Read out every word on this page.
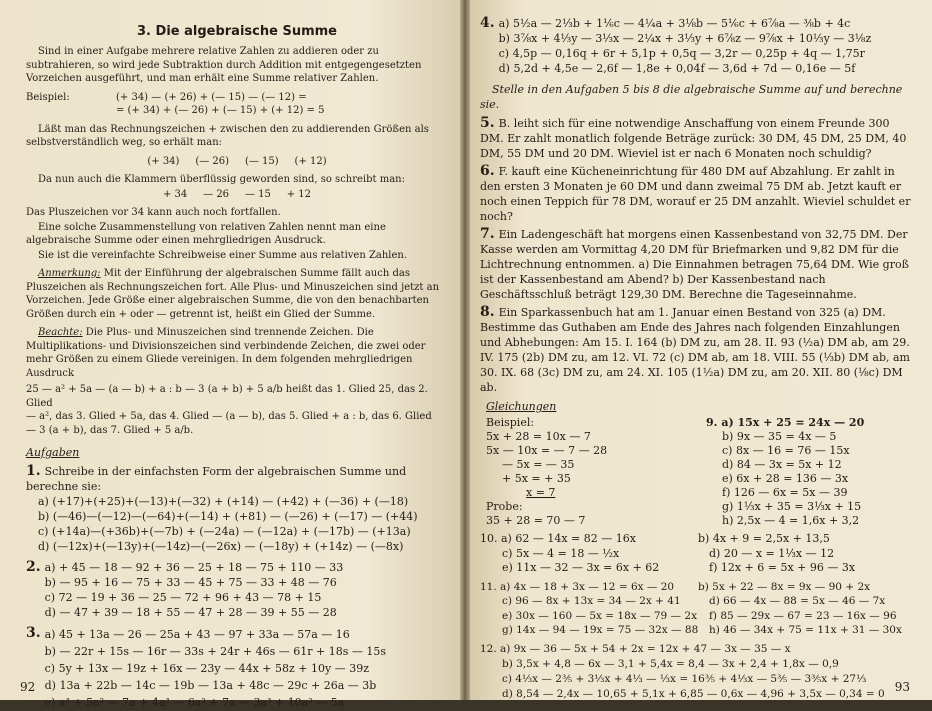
3. Die algebraische Summe

Sind in einer Aufgabe mehrere relative Zahlen zu addieren oder zu subtrahieren, so wird jede Subtraktion durch Addition mit entgegengesetzten Vorzeichen ausgeführt, und man erhält eine Summe relativer Zahlen.

Beispiel:	(+ 34) — (+ 26) + (— 15) — (— 12) =
= (+ 34) + (— 26) + (— 15) + (+ 12) = 5

Läßt man das Rechnungszeichen + zwischen den zu addierenden Größen als selbstverständlich weg, so erhält man:

(+ 34)     (— 26)     (— 15)     (+ 12)

Da nun auch die Klammern überflüssig geworden sind, so schreibt man:

+ 34     — 26     — 15     + 12

Das Pluszeichen vor 34 kann auch noch fortfallen.

Eine solche Zusammenstellung von relativen Zahlen nennt man eine algebraische Summe oder einen mehrgliedrigen Ausdruck.

Sie ist die vereinfachte Schreibweise einer Summe aus relativen Zahlen.

Anmerkung: Mit der Einführung der algebraischen Summe fällt auch das Pluszeichen als Rechnungszeichen fort. Alle Plus- und Minuszeichen sind jetzt an Vorzeichen. Jede Größe einer algebraischen Summe, die von den benachbarten Größen durch ein + oder — getrennt ist, heißt ein Glied der Summe.

Beachte: Die Plus- und Minuszeichen sind trennende Zeichen. Die Multiplikations- und Divisionszeichen sind verbindende Zeichen, die zwei oder mehr Größen zu einem Gliede vereinigen. In dem folgenden mehrgliedrigen Ausdruck

25 — a² + 5a — (a — b) + a : b — 3 (a + b) + 5 a/b heißt das 1. Glied 25, das 2. Glied
— a², das 3. Glied + 5a, das 4. Glied — (a — b), das 5. Glied + a : b, das 6. Glied
— 3 (a + b), das 7. Glied + 5 a/b.
Aufgaben
1. Schreibe in der einfachsten Form der algebraischen Summe und berechne sie:
a) (+17)+(+25)+(—13)+(—32) + (+14) — (+42) + (—36) + (—18)
b) (—46)—(—12)—(—64)+(—14) + (+81) — (—26) + (—17) — (+44)
c) (+14a)—(+36b)+(—7b) + (—24a) — (—12a) + (—17b) — (+13a)
d) (—12x)+(—13y)+(—14z)—(—26x) — (—18y) + (+14z) — (—8x)
2. a) + 45 — 18 — 92 + 36 — 25 + 18 — 75 + 110 — 33
b) — 95 + 16 — 75 + 33 — 45 + 75 — 33 + 48 — 76
c) 72 — 19 + 36 — 25 — 72 + 96 + 43 — 78 + 15
d) — 47 + 39 — 18 + 55 — 47 + 28 — 39 + 55 — 28
3. a) 45 + 13a — 26 — 25a + 43 — 97 + 33a — 57a — 16
b) — 22r + 15s — 16r — 33s + 24r + 46s — 61r + 18s — 15s
c) 5y + 13x — 19z + 16x — 23y — 44x + 58z + 10y — 39z
d) 13a + 22b — 14c — 19b — 13a + 48c — 29c + 26a — 3b
e) a³ + 5a² — 7a + 4a³ — 6a² + 7a — 3a³ + 10a² — 5a
92
4. a) 5½a — 2⅓b + 1⅙c — 4¼a + 3⅛b — 5⅙c + 6⅞a — ⅜b + 4c
b) 3⅞x + 4⅓y — 3⅓x — 2¼x + 3⅓y + 6⅞z — 9⅞x + 10⅓y — 3⅛z
c) 4,5p — 0,16q + 6r + 5,1p + 0,5q — 3,2r — 0,25p + 4q — 1,75r
d) 5,2d + 4,5e — 2,6f — 1,8e + 0,04f — 3,6d + 7d — 0,16e — 5f

Stelle in den Aufgaben 5 bis 8 die algebraische Summe auf und berechne sie.

5. B. leiht sich für eine notwendige Anschaffung von einem Freunde 300 DM. Er zahlt monatlich folgende Beträge zurück: 30 DM, 45 DM, 25 DM, 40 DM, 55 DM und 20 DM. Wieviel ist er nach 6 Monaten noch schuldig?

6. F. kauft eine Kücheneinrichtung für 480 DM auf Abzahlung. Er zahlt in den ersten 3 Monaten je 60 DM und dann zweimal 75 DM ab. Jetzt kauft er noch einen Teppich für 78 DM, worauf er 25 DM anzahlt. Wieviel schuldet er noch?

7. Ein Ladengeschäft hat morgens einen Kassenbestand von 32,75 DM. Der Kasse werden am Vormittag 4,20 DM für Briefmarken und 9,82 DM für die Lichtrechnung entnommen. a) Die Einnahmen betragen 75,64 DM. Wie groß ist der Kassenbestand am Abend? b) Der Kassenbestand nach Geschäftsschluß beträgt 129,30 DM. Berechne die Tageseinnahme.

8. Ein Sparkassenbuch hat am 1. Januar einen Bestand von 325 (a) DM. Bestimme das Guthaben am Ende des Jahres nach folgenden Einzahlungen und Abhebungen: Am 15. I. 164 (b) DM zu, am 28. II. 93 (½a) DM ab, am 29. IV. 175 (2b) DM zu, am 12. VI. 72 (c) DM ab, am 18. VIII. 55 (⅓b) DM ab, am 30. IX. 68 (3c) DM zu, am 24. XI. 105 (1½a) DM zu, am 20. XII. 80 (⅛c) DM ab.

Gleichungen
Beispiel:
5x + 28 = 10x — 7
5x — 10x = — 7 — 28
— 5x = — 35
+ 5x = + 35
x = 7
Probe:
35 + 28 = 70 — 7
9. a) 15x + 25 = 24x — 20
b) 9x — 35 = 4x — 5
c) 8x — 16 = 76 — 15x
d) 84 — 3x = 5x + 12
e) 6x + 28 = 136 — 3x
f) 126 — 6x = 5x — 39
g) 1⅓x + 35 = 3⅓x + 15
h) 2,5x — 4 = 1,6x + 3,2
10. a) 62 — 14x = 82 — 16x	b) 4x + 9 = 2,5x + 13,5
c) 5x — 4 = 18 — ½x	d) 20 — x = 1⅓x — 12
e) 11x — 32 — 3x = 6x + 62	f) 12x + 6 = 5x + 96 — 3x
11. a) 4x — 18 + 3x — 12 = 6x — 20	b) 5x + 22 — 8x = 9x — 90 + 2x
c) 96 — 8x + 13x = 34 — 2x + 41	d) 66 — 4x — 88 = 5x — 46 — 7x
e) 30x — 160 — 5x = 18x — 79 — 2x	f) 85 — 29x — 67 = 23 — 16x — 96
g) 14x — 94 — 19x = 75 — 32x — 88	h) 46 — 34x + 75 = 11x + 31 — 30x
12. a) 9x — 36 — 5x + 54 + 2x = 12x + 47 — 3x — 35 — x
b) 3,5x + 4,8 — 6x — 3,1 + 5,4x = 8,4 — 3x + 2,4 + 1,8x — 0,9
c) 4⅓x — 2⅗ + 3⅓x + 4⅓ — ⅓x = 16⅗ + 4⅓x — 5⅗ — 3⅗x + 27⅓
d) 8,54 — 2,4x — 10,65 + 5,1x + 6,85 — 0,6x — 4,96 + 3,5x — 0,34 = 0 93
